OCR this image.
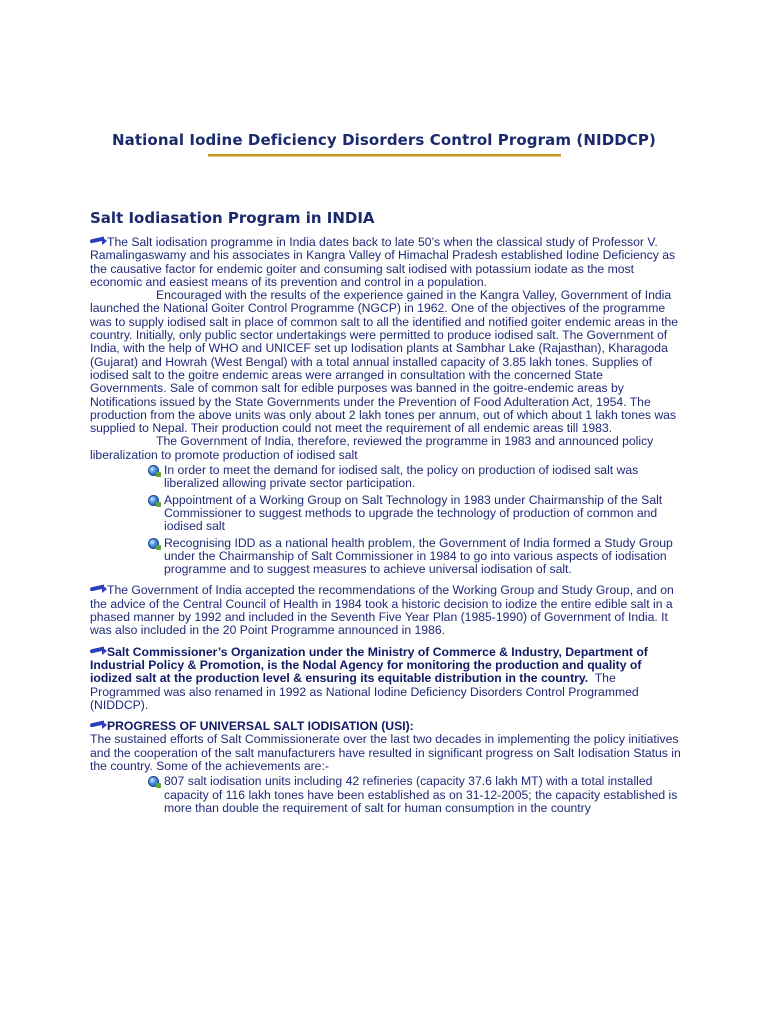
National Iodine Deficiency Disorders Control Program (NIDDCP)
Salt Iodiasation Program in INDIA

The Salt iodisation programme in India dates back to late 50’s when the classical study of Professor V. Ramalingaswamy and his associates in Kangra Valley of Himachal Pradesh established Iodine Deficiency as the causative factor for endemic goiter and consuming salt iodised with potassium iodate as the most economic and easiest means of its prevention and control in a population.

Encouraged with the results of the experience gained in the Kangra Valley, Government of India launched the National Goiter Control Programme (NGCP) in 1962. One of the objectives of the programme was to supply iodised salt in place of common salt to all the identified and notified goiter endemic areas in the country. Initially, only public sector undertakings were permitted to produce iodised salt. The Government of India, with the help of WHO and UNICEF set up Iodisation plants at Sambhar Lake (Rajasthan), Kharagoda (Gujarat) and Howrah (West Bengal) with a total annual installed capacity of 3.85 lakh tones. Supplies of iodised salt to the goitre endemic areas were arranged in consultation with the concerned State Governments. Sale of common salt for edible purposes was banned in the goitre-endemic areas by Notifications issued by the State Governments under the Prevention of Food Adulteration Act, 1954. The production from the above units was only about 2 lakh tones per annum, out of which about 1 lakh tones was supplied to Nepal. Their production could not meet the requirement of all endemic areas till 1983.

The Government of India, therefore, reviewed the programme in 1983 and announced policy liberalization to promote production of iodised salt

In order to meet the demand for iodised salt, the policy on production of iodised salt was liberalized allowing private sector participation.
Appointment of a Working Group on Salt Technology in 1983 under Chairmanship of the Salt Commissioner to suggest methods to upgrade the technology of production of common and iodised salt
Recognising IDD as a national health problem, the Government of India formed a Study Group under the Chairmanship of Salt Commissioner in 1984 to go into various aspects of iodisation programme and to suggest measures to achieve universal iodisation of salt.

The Government of India accepted the recommendations of the Working Group and Study Group, and on the advice of the Central Council of Health in 1984 took a historic decision to iodize the entire edible salt in a phased manner by 1992 and included in the Seventh Five Year Plan (1985-1990) of Government of India. It was also included in the 20 Point Programme announced in 1986.

Salt Commissioner’s Organization under the Ministry of Commerce & Industry, Department of Industrial Policy & Promotion, is the Nodal Agency for monitoring the production and quality of iodized salt at the production level & ensuring its equitable distribution in the country. The Programmed was also renamed in 1992 as National Iodine Deficiency Disorders Control Programmed (NIDDCP).

PROGRESS OF UNIVERSAL SALT IODISATION (USI):

The sustained efforts of Salt Commissionerate over the last two decades in implementing the policy initiatives and the cooperation of the salt manufacturers have resulted in significant progress on Salt Iodisation Status in the country. Some of the achievements are:-

807 salt iodisation units including 42 refineries (capacity 37.6 lakh MT) with a total installed capacity of 116 lakh tones have been established as on 31-12-2005; the capacity established is more than double the requirement of salt for human consumption in the country
